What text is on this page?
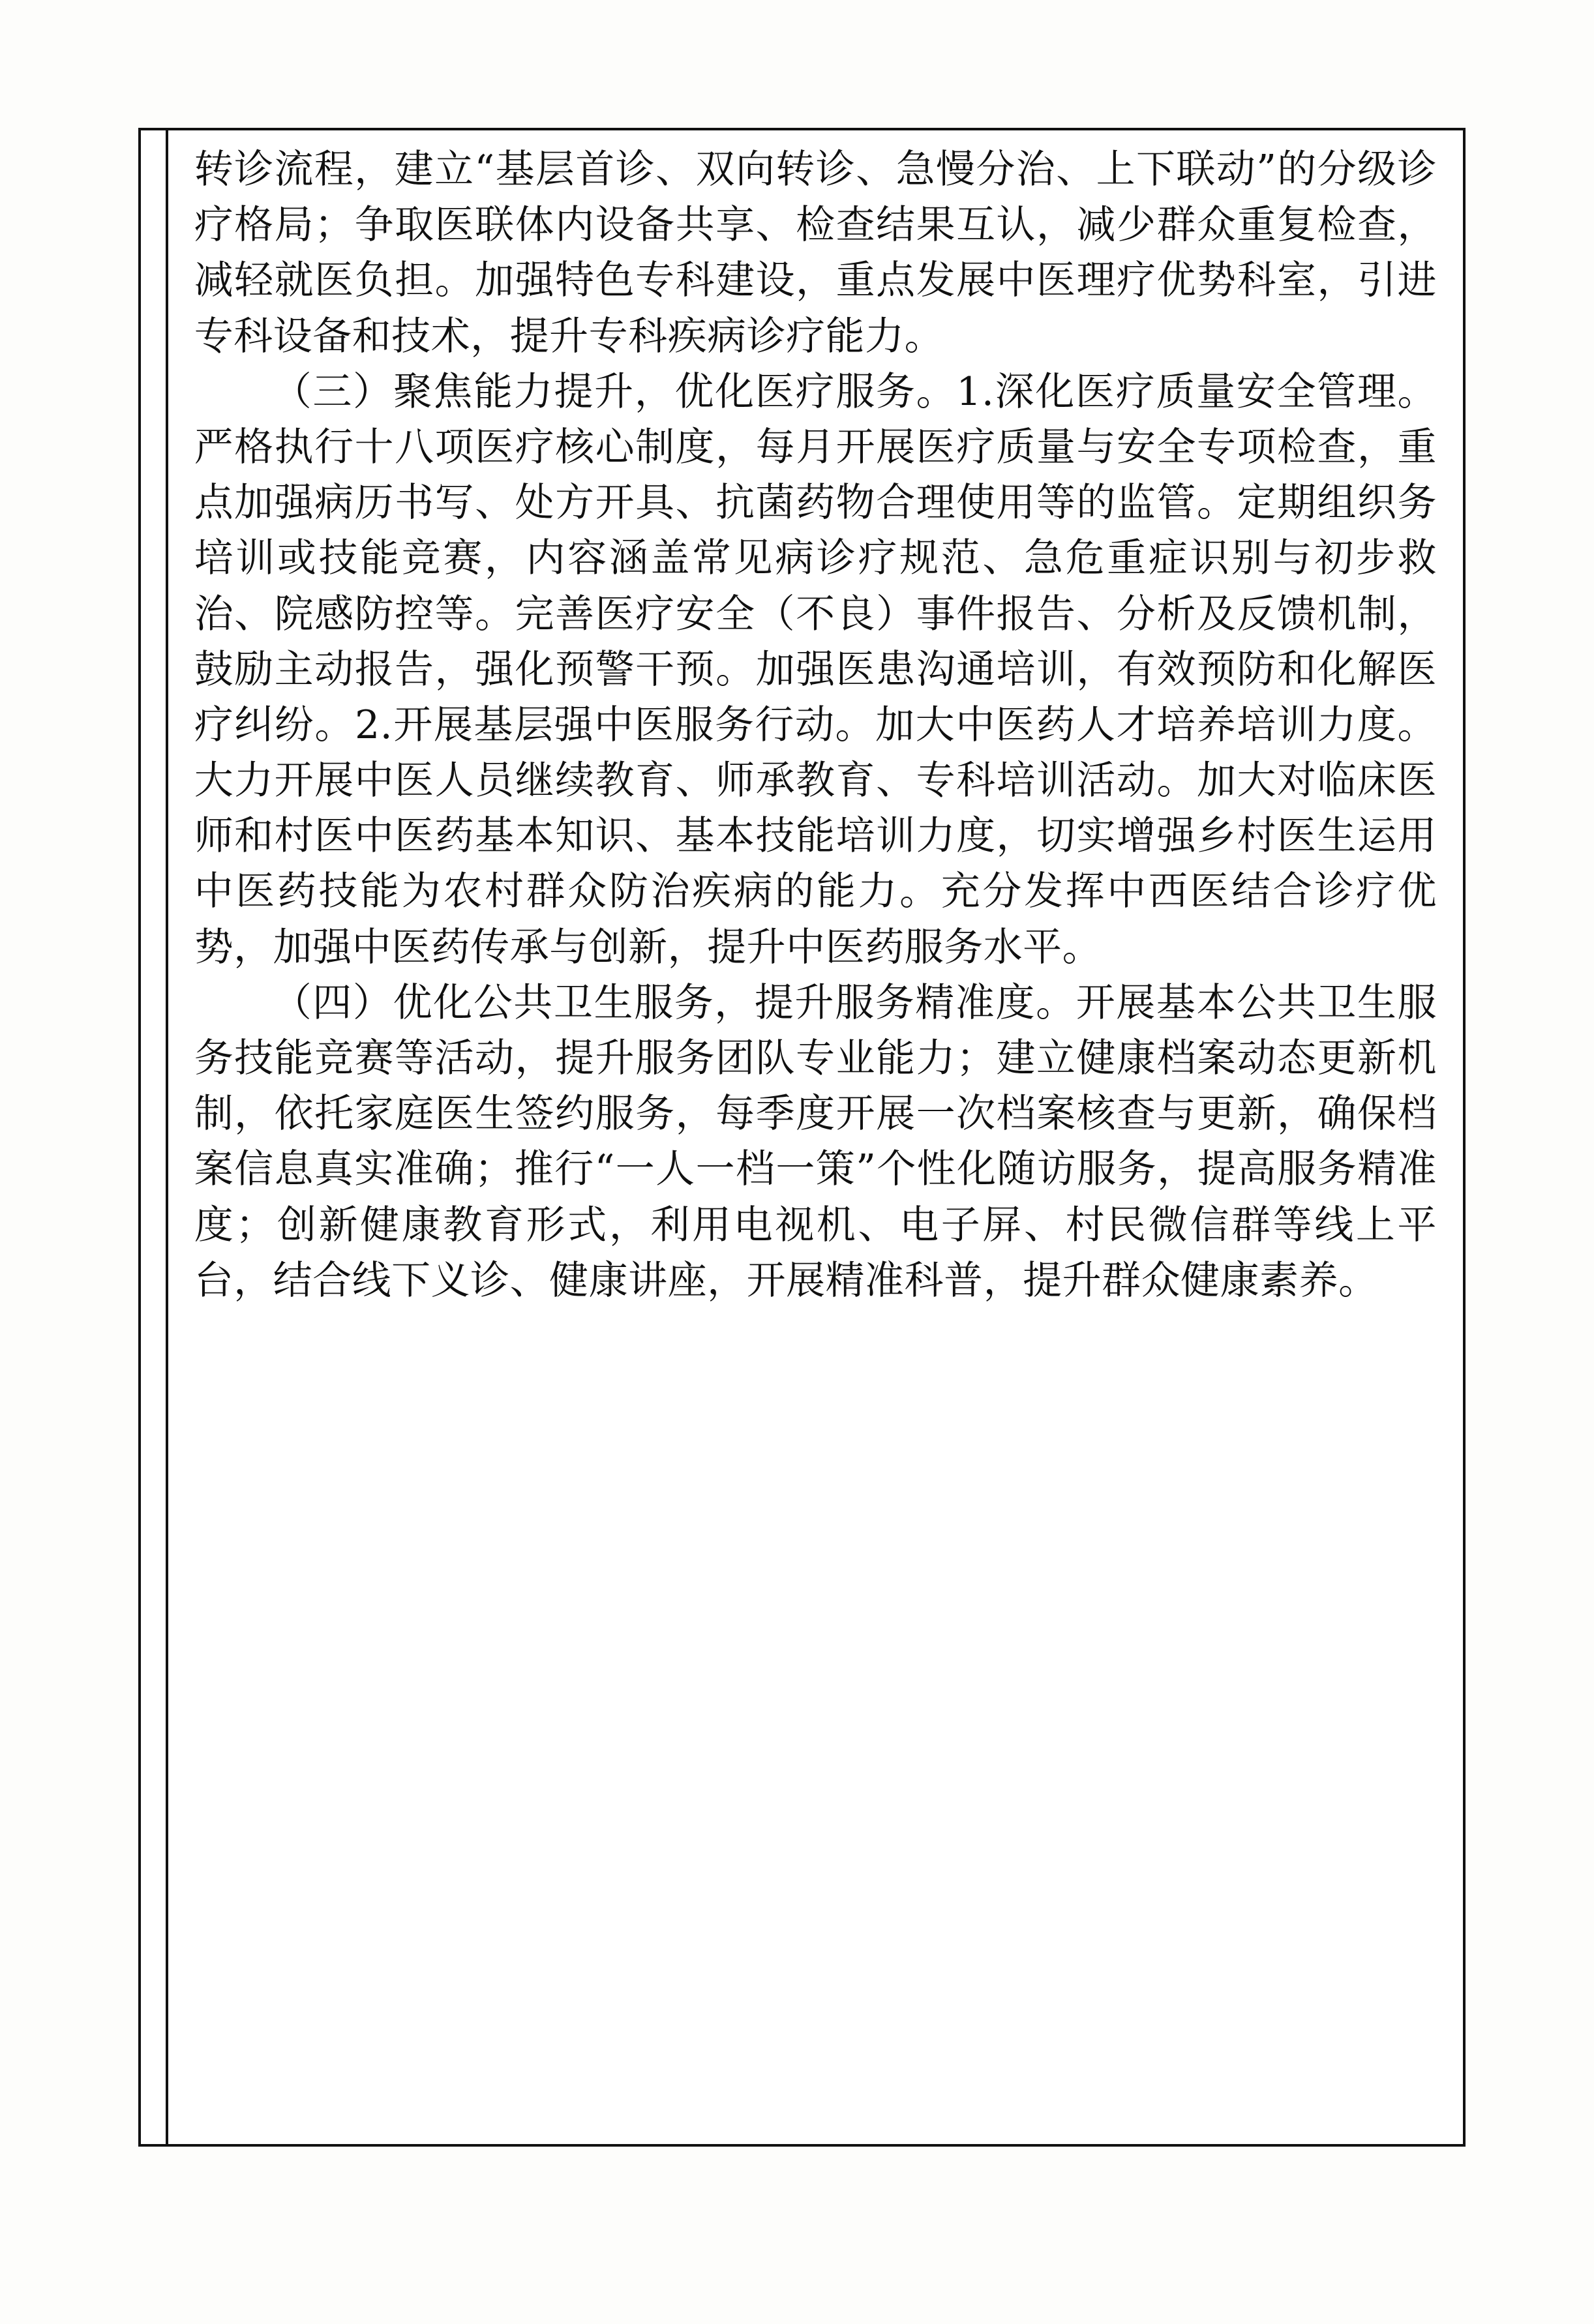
转诊流程，建立“基层首诊、双向转诊、急慢分治、上下联动”的分级诊疗格局；争取医联体内设备共享、检查结果互认，减少群众重复检查，减轻就医负担。加强特色专科建设，重点发展中医理疗优势科室，引进专科设备和技术，提升专科疾病诊疗能力。

（三）聚焦能力提升，优化医疗服务。1.深化医疗质量安全管理。严格执行十八项医疗核心制度，每月开展医疗质量与安全专项检查，重点加强病历书写、处方开具、抗菌药物合理使用等的监管。定期组织务培训或技能竞赛，内容涵盖常见病诊疗规范、急危重症识别与初步救治、院感防控等。完善医疗安全（不良）事件报告、分析及反馈机制，鼓励主动报告，强化预警干预。加强医患沟通培训，有效预防和化解医疗纠纷。2.开展基层强中医服务行动。加大中医药人才培养培训力度。大力开展中医人员继续教育、师承教育、专科培训活动。加大对临床医师和村医中医药基本知识、基本技能培训力度，切实增强乡村医生运用中医药技能为农村群众防治疾病的能力。充分发挥中西医结合诊疗优势，加强中医药传承与创新，提升中医药服务水平。

（四）优化公共卫生服务，提升服务精准度。开展基本公共卫生服务技能竞赛等活动，提升服务团队专业能力；建立健康档案动态更新机制，依托家庭医生签约服务，每季度开展一次档案核查与更新，确保档案信息真实准确；推行“一人一档一策”个性化随访服务，提高服务精准度；创新健康教育形式，利用电视机、电子屏、村民微信群等线上平台，结合线下义诊、健康讲座，开展精准科普，提升群众健康素养。
